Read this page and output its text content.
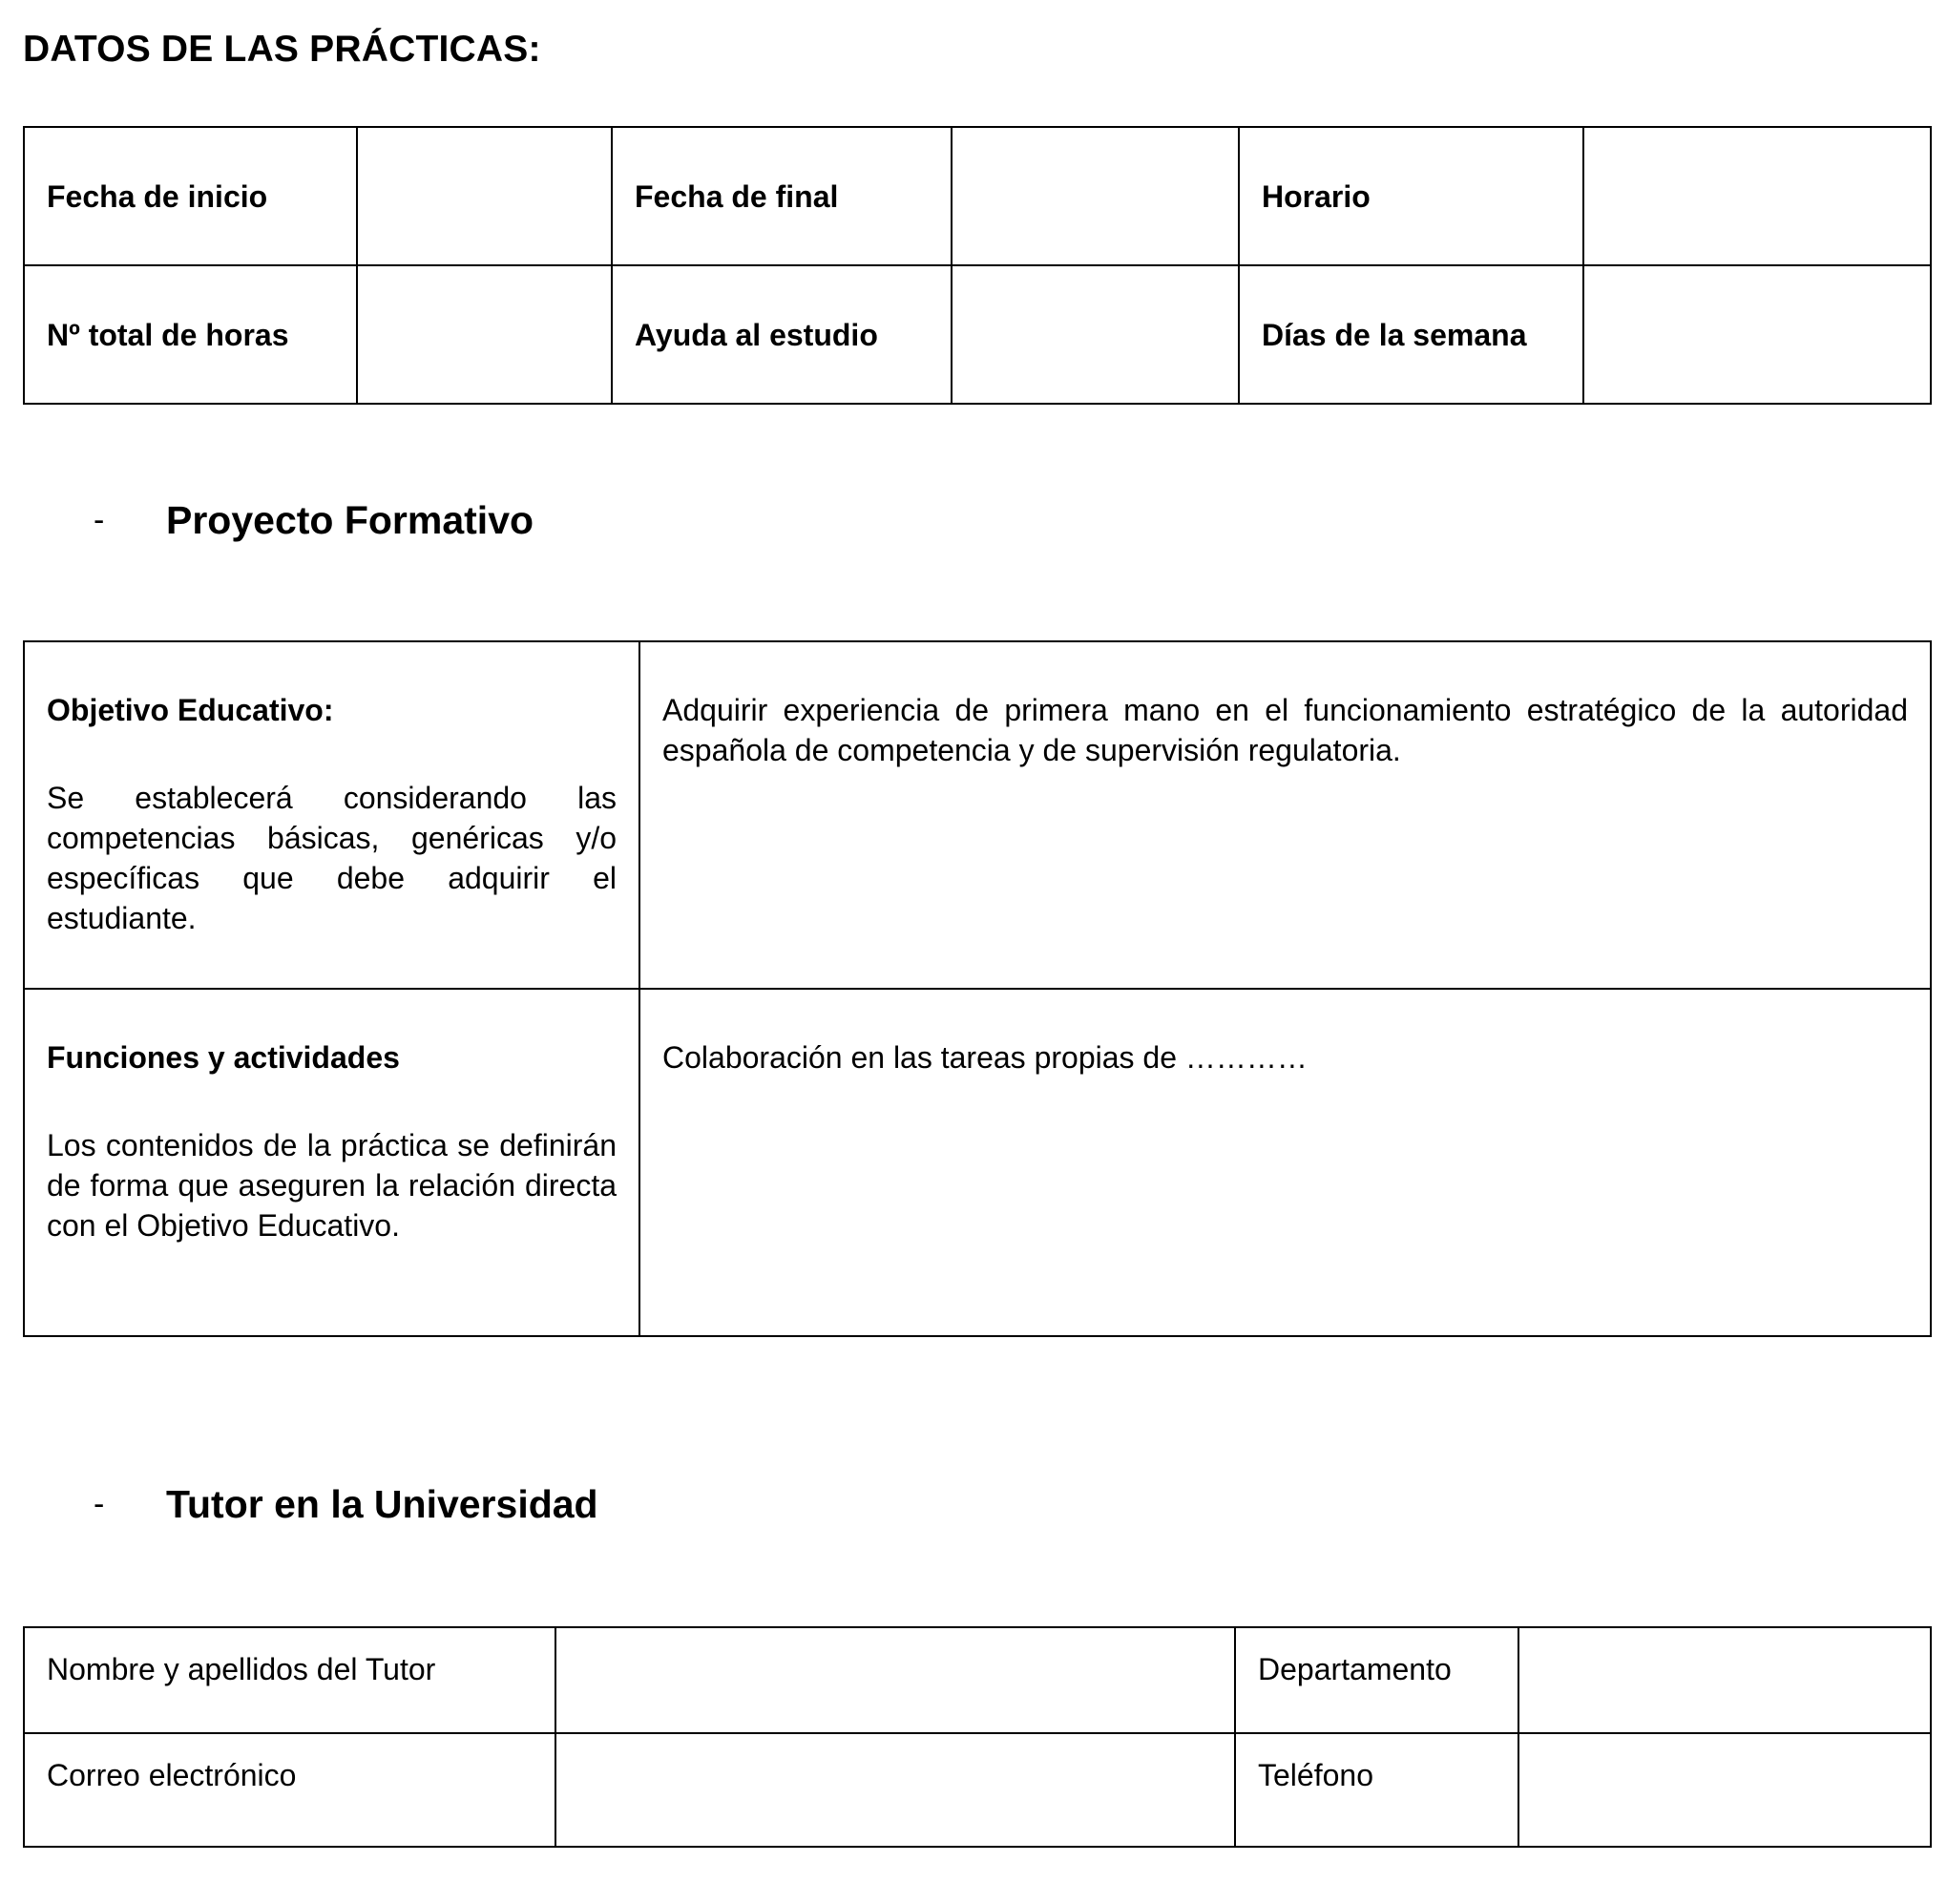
DATOS DE LAS PRÁCTICAS:
Fecha de inicio		Fecha de final		Horario	
Nº total de horas		Ayuda al estudio		Días de la semana	
-	Proyecto Formativo

Objetivo Educativo:

Se establecerá considerando las competencias básicas, genéricas y/o específicas que debe adquirir el estudiante.	Adquirir experiencia de primera mano en el funcionamiento estratégico de la autoridad española de competencia y de supervisión regulatoria.

Funciones y actividades

Los contenidos de la práctica se definirán de forma que aseguren la relación directa con el Objetivo Educativo.	Colaboración en las tareas propias de …………

-	Tutor en la Universidad
Nombre y apellidos del Tutor		Departamento	
Correo electrónico		Teléfono	
